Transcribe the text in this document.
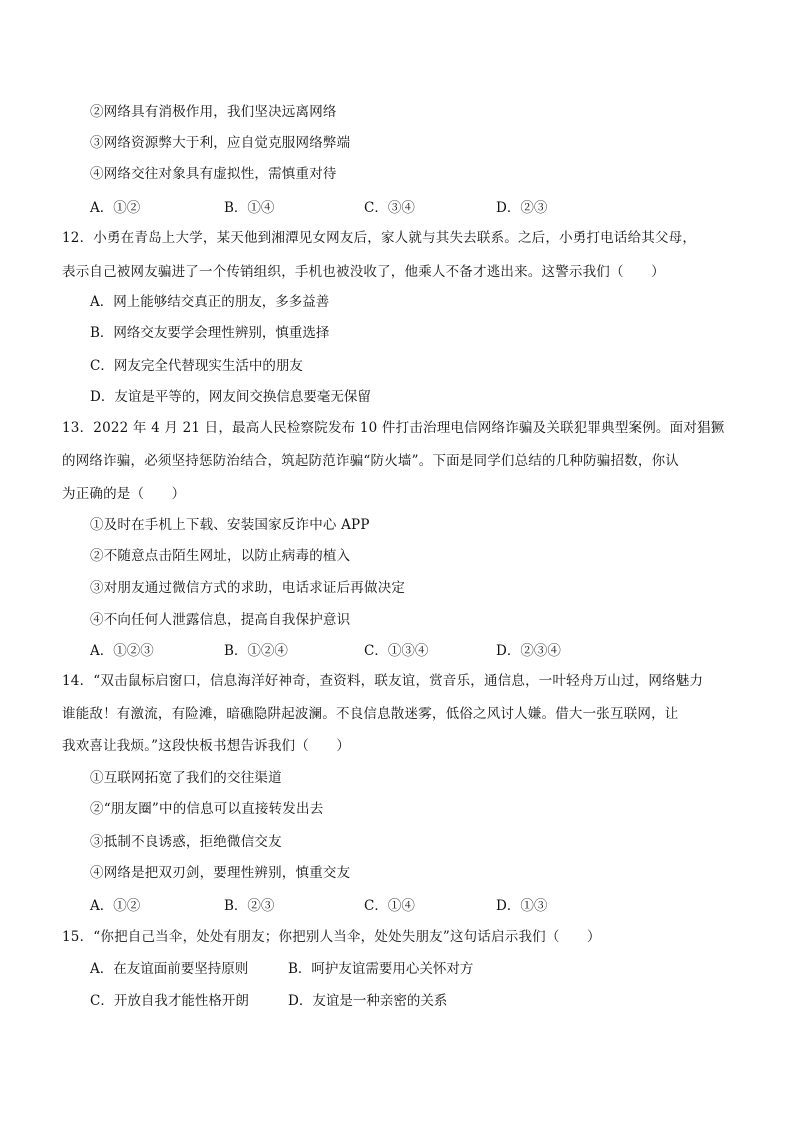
②网络具有消极作用，我们坚决远离网络
③网络资源弊大于利，应自觉克服网络弊端
④网络交往对象具有虚拟性，需慎重对待
A．①②	B．①④	C．③④	D．②③
12．小勇在青岛上大学，某天他到湘潭见女网友后，家人就与其失去联系。之后，小勇打电话给其父母，
表示自己被网友骗进了一个传销组织，手机也被没收了，他乘人不备才逃出来。这警示我们（　　）
A．网上能够结交真正的朋友，多多益善
B．网络交友要学会理性辨别，慎重选择
C．网友完全代替现实生活中的朋友
D．友谊是平等的，网友间交换信息要毫无保留
13．2022 年 4 月 21 日，最高人民检察院发布 10 件打击治理电信网络诈骗及关联犯罪典型案例。面对猖獗
的网络诈骗，必须坚持惩防治结合，筑起防范诈骗“防火墙”。下面是同学们总结的几种防骗招数，你认
为正确的是（　　）
①及时在手机上下载、安装国家反诈中心 APP
②不随意点击陌生网址，以防止病毒的植入
③对朋友通过微信方式的求助，电话求证后再做决定
④不向任何人泄露信息，提高自我保护意识
A．①②③	B．①②④	C．①③④	D．②③④
14．“双击鼠标启窗口，信息海洋好神奇，查资料，联友谊，赏音乐，通信息，一叶轻舟万山过，网络魅力
谁能敌！有激流，有险滩，暗礁隐阱起波澜。不良信息散迷雾，低俗之风讨人嫌。借大一张互联网，让
我欢喜让我烦。”这段快板书想告诉我们（　　）
①互联网拓宽了我们的交往渠道
②“朋友圈”中的信息可以直接转发出去
③抵制不良诱惑，拒绝微信交友
④网络是把双刃剑，要理性辨别，慎重交友
A．①②	B．②③	C．①④	D．①③
15．“你把自己当伞，处处有朋友；你把别人当伞，处处失朋友”这句话启示我们（　　）
A．在友谊面前要坚持原则	B．呵护友谊需要用心关怀对方
C．开放自我才能性格开朗	D．友谊是一种亲密的关系
